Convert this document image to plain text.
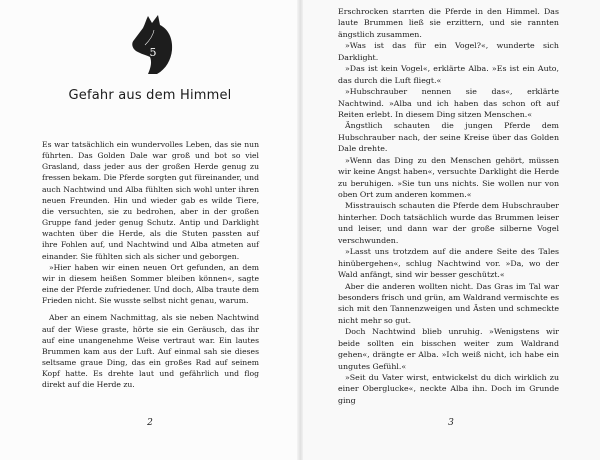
5
Gefahr aus dem Himmel

Es war tatsächlich ein wundervolles Leben, das sie nun führten. Das Golden Dale war groß und bot so viel Grasland, dass jeder aus der großen Herde genug zu fressen bekam. Die Pferde sorgten gut füreinander, und auch Nachtwind und Alba fühlten sich wohl unter ihren neuen Freunden. Hin und wieder gab es wilde Tiere, die versuchten, sie zu bedrohen, aber in der großen Gruppe fand jeder genug Schutz. Antip und Darklight wachten über die Herde, als die Stuten passten auf ihre Fohlen auf, und Nachtwind und Alba atmeten auf einander. Sie fühlten sich als sicher und geborgen.

»Hier haben wir einen neuen Ort gefunden, an dem wir in diesem heißen Sommer bleiben können«, sagte eine der Pferde zufriedener. Und doch, Alba traute dem Frieden nicht. Sie wusste selbst nicht genau, warum.

Aber an einem Nachmittag, als sie neben Nachtwind auf der Wiese graste, hörte sie ein Geräusch, das ihr auf eine unangenehme Weise vertraut war. Ein lautes Brummen kam aus der Luft. Auf einmal sah sie dieses seltsame graue Ding, das ein großes Rad auf seinem Kopf hatte. Es drehte laut und gefährlich und flog direkt auf die Herde zu.

2

Erschrocken starrten die Pferde in den Himmel. Das laute Brummen ließ sie erzittern, und sie rannten ängstlich zusammen.

»Was ist das für ein Vogel?«, wunderte sich Darklight.

»Das ist kein Vogel«, erklärte Alba. »Es ist ein Auto, das durch die Luft fliegt.«

»Hubschrauber nennen sie das«, erklärte Nachtwind. »Alba und ich haben das schon oft auf Reiten erlebt. In diesem Ding sitzen Menschen.«

Ängstlich schauten die jungen Pferde dem Hubschrauber nach, der seine Kreise über das Golden Dale drehte.

»Wenn das Ding zu den Menschen gehört, müssen wir keine Angst haben«, versuchte Darklight die Herde zu beruhigen. »Sie tun uns nichts. Sie wollen nur von oben Ort zum anderen kommen.«

Misstrauisch schauten die Pferde dem Hubschrauber hinterher. Doch tatsächlich wurde das Brummen leiser und leiser, und dann war der große silberne Vogel verschwunden.

»Lasst uns trotzdem auf die andere Seite des Tales hinübergehen«, schlug Nachtwind vor. »Da, wo der Wald anfängt, sind wir besser geschützt.«

Aber die anderen wollten nicht. Das Gras im Tal war besonders frisch und grün, am Waldrand vermischte es sich mit den Tannenzweigen und Ästen und schmeckte nicht mehr so gut.

Doch Nachtwind blieb unruhig. »Wenigstens wir beide sollten ein bisschen weiter zum Waldrand gehen«, drängte er Alba. »Ich weiß nicht, ich habe ein ungutes Gefühl.«

»Seit du Vater wirst, entwickelst du dich wirklich zu einer Oberglucke«, neckte Alba ihn. Doch im Grunde ging

3
